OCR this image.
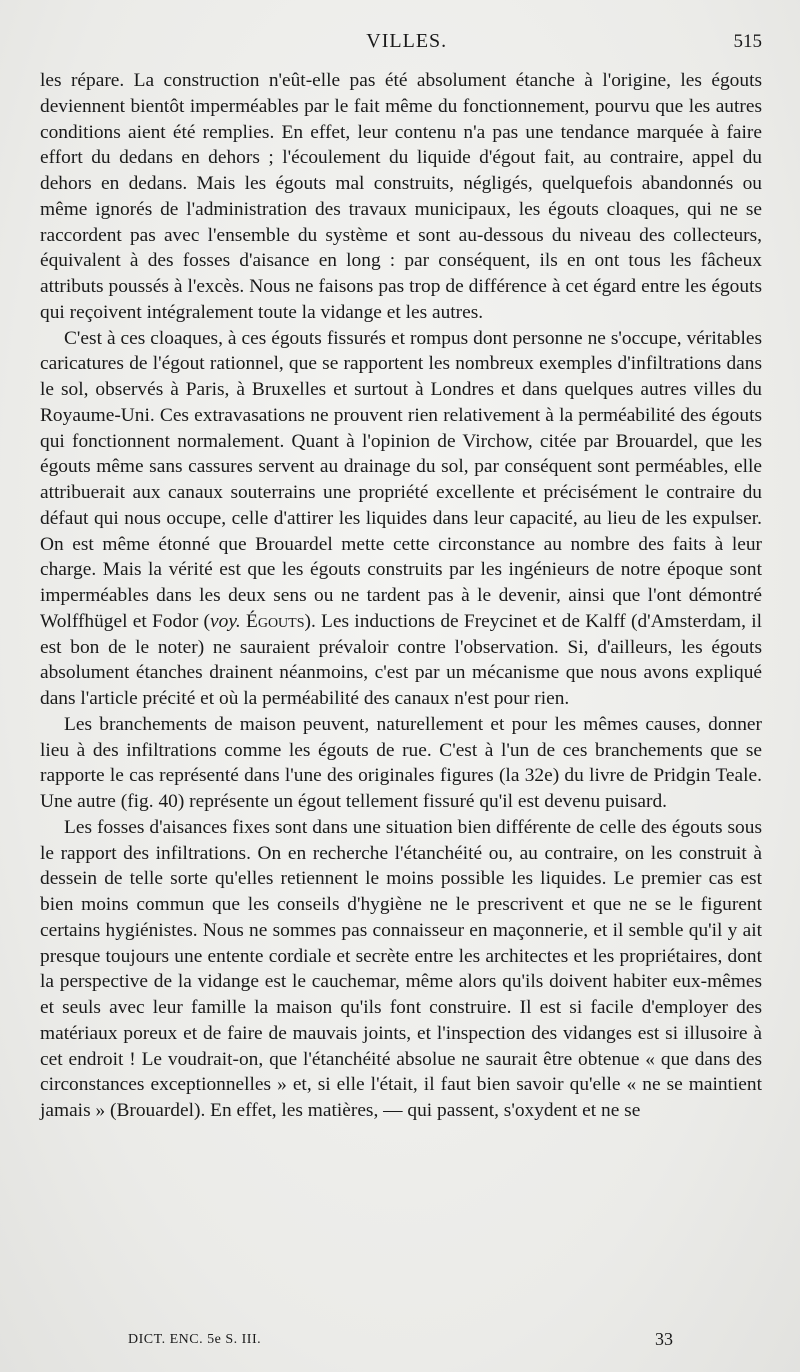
VILLES.	515

les répare. La construction n'eût-elle pas été absolument étanche à l'origine, les égouts deviennent bientôt imperméables par le fait même du fonctionnement, pourvu que les autres conditions aient été remplies. En effet, leur contenu n'a pas une tendance marquée à faire effort du dedans en dehors ; l'écoulement du liquide d'égout fait, au contraire, appel du dehors en dedans. Mais les égouts mal construits, négligés, quelquefois abandonnés ou même ignorés de l'administration des travaux municipaux, les égouts cloaques, qui ne se raccordent pas avec l'ensemble du système et sont au-dessous du niveau des collecteurs, équivalent à des fosses d'aisance en long : par conséquent, ils en ont tous les fâcheux attributs poussés à l'excès. Nous ne faisons pas trop de différence à cet égard entre les égouts qui reçoivent intégralement toute la vidange et les autres.

C'est à ces cloaques, à ces égouts fissurés et rompus dont personne ne s'occupe, véritables caricatures de l'égout rationnel, que se rapportent les nombreux exemples d'infiltrations dans le sol, observés à Paris, à Bruxelles et surtout à Londres et dans quelques autres villes du Royaume-Uni. Ces extravasations ne prouvent rien relativement à la perméabilité des égouts qui fonctionnent normalement. Quant à l'opinion de Virchow, citée par Brouardel, que les égouts même sans cassures servent au drainage du sol, par conséquent sont perméables, elle attribuerait aux canaux souterrains une propriété excellente et précisément le contraire du défaut qui nous occupe, celle d'attirer les liquides dans leur capacité, au lieu de les expulser. On est même étonné que Brouardel mette cette circonstance au nombre des faits à leur charge. Mais la vérité est que les égouts construits par les ingénieurs de notre époque sont imperméables dans les deux sens ou ne tardent pas à le devenir, ainsi que l'ont démontré Wolffhügel et Fodor (voy. Égouts). Les inductions de Freycinet et de Kalff (d'Amsterdam, il est bon de le noter) ne sauraient prévaloir contre l'observation. Si, d'ailleurs, les égouts absolument étanches drainent néanmoins, c'est par un mécanisme que nous avons expliqué dans l'article précité et où la perméabilité des canaux n'est pour rien.

Les branchements de maison peuvent, naturellement et pour les mêmes causes, donner lieu à des infiltrations comme les égouts de rue. C'est à l'un de ces branchements que se rapporte le cas représenté dans l'une des originales figures (la 32e) du livre de Pridgin Teale. Une autre (fig. 40) représente un égout tellement fissuré qu'il est devenu puisard.

Les fosses d'aisances fixes sont dans une situation bien différente de celle des égouts sous le rapport des infiltrations. On en recherche l'étanchéité ou, au contraire, on les construit à dessein de telle sorte qu'elles retiennent le moins possible les liquides. Le premier cas est bien moins commun que les conseils d'hygiène ne le prescrivent et que ne se le figurent certains hygiénistes. Nous ne sommes pas connaisseur en maçonnerie, et il semble qu'il y ait presque toujours une entente cordiale et secrète entre les architectes et les propriétaires, dont la perspective de la vidange est le cauchemar, même alors qu'ils doivent habiter eux-mêmes et seuls avec leur famille la maison qu'ils font construire. Il est si facile d'employer des matériaux poreux et de faire de mauvais joints, et l'inspection des vidanges est si illusoire à cet endroit ! Le voudrait-on, que l'étanchéité absolue ne saurait être obtenue « que dans des circonstances exceptionnelles » et, si elle l'était, il faut bien savoir qu'elle « ne se maintient jamais » (Brouardel). En effet, les matières, — qui passent, s'oxydent et ne se

DICT. ENC. 5e S. III.	33
